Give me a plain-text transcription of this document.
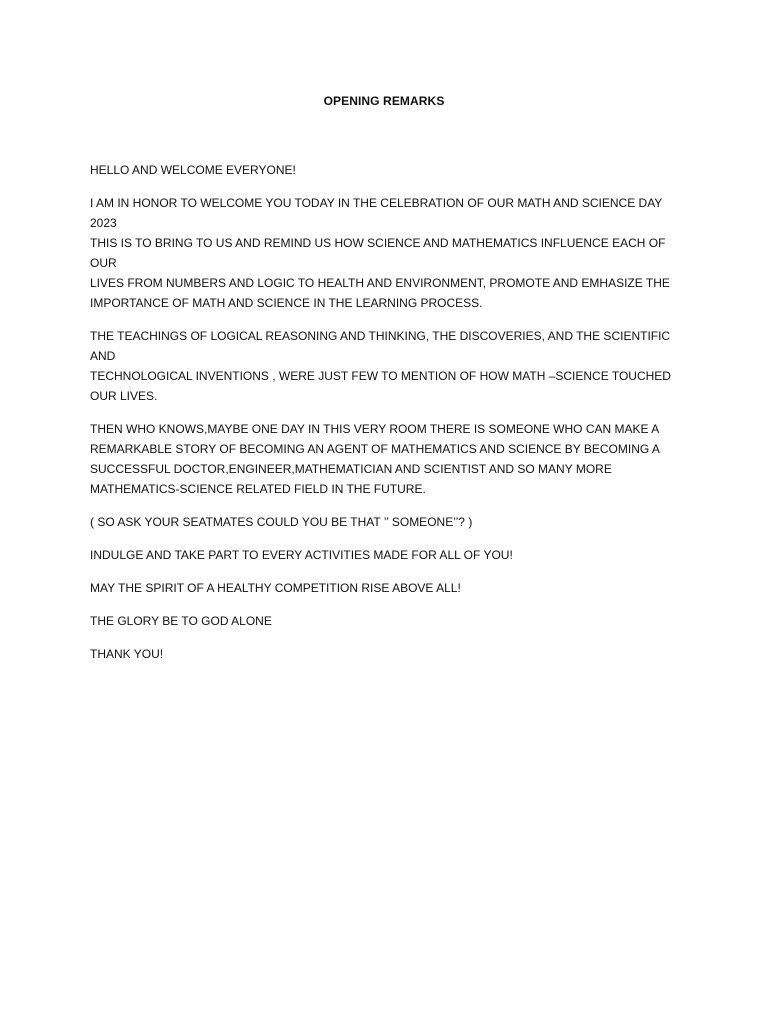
OPENING REMARKS

HELLO AND WELCOME EVERYONE!

I AM IN HONOR TO WELCOME YOU TODAY IN THE CELEBRATION OF OUR MATH AND SCIENCE DAY 2023
THIS IS TO BRING TO US AND REMIND US HOW SCIENCE AND MATHEMATICS INFLUENCE EACH OF OUR
LIVES FROM NUMBERS AND LOGIC TO HEALTH AND ENVIRONMENT, PROMOTE AND EMHASIZE THE
IMPORTANCE OF MATH AND SCIENCE IN THE LEARNING PROCESS.

THE TEACHINGS OF LOGICAL REASONING AND THINKING, THE DISCOVERIES, AND THE SCIENTIFIC AND
TECHNOLOGICAL INVENTIONS , WERE JUST FEW TO MENTION OF HOW MATH –SCIENCE TOUCHED
OUR LIVES.

THEN WHO KNOWS,MAYBE ONE DAY IN THIS VERY ROOM THERE IS SOMEONE WHO CAN MAKE A
REMARKABLE STORY OF BECOMING AN AGENT OF MATHEMATICS AND SCIENCE BY BECOMING A
SUCCESSFUL DOCTOR,ENGINEER,MATHEMATICIAN AND SCIENTIST AND SO MANY MORE
MATHEMATICS-SCIENCE RELATED FIELD IN THE FUTURE.

( SO ASK YOUR SEATMATES COULD YOU BE THAT ’’ SOMEONE’’? )

INDULGE AND TAKE PART TO EVERY ACTIVITIES MADE FOR ALL OF YOU!

MAY THE SPIRIT OF A HEALTHY COMPETITION RISE ABOVE ALL!

THE GLORY BE TO GOD ALONE

THANK YOU!
